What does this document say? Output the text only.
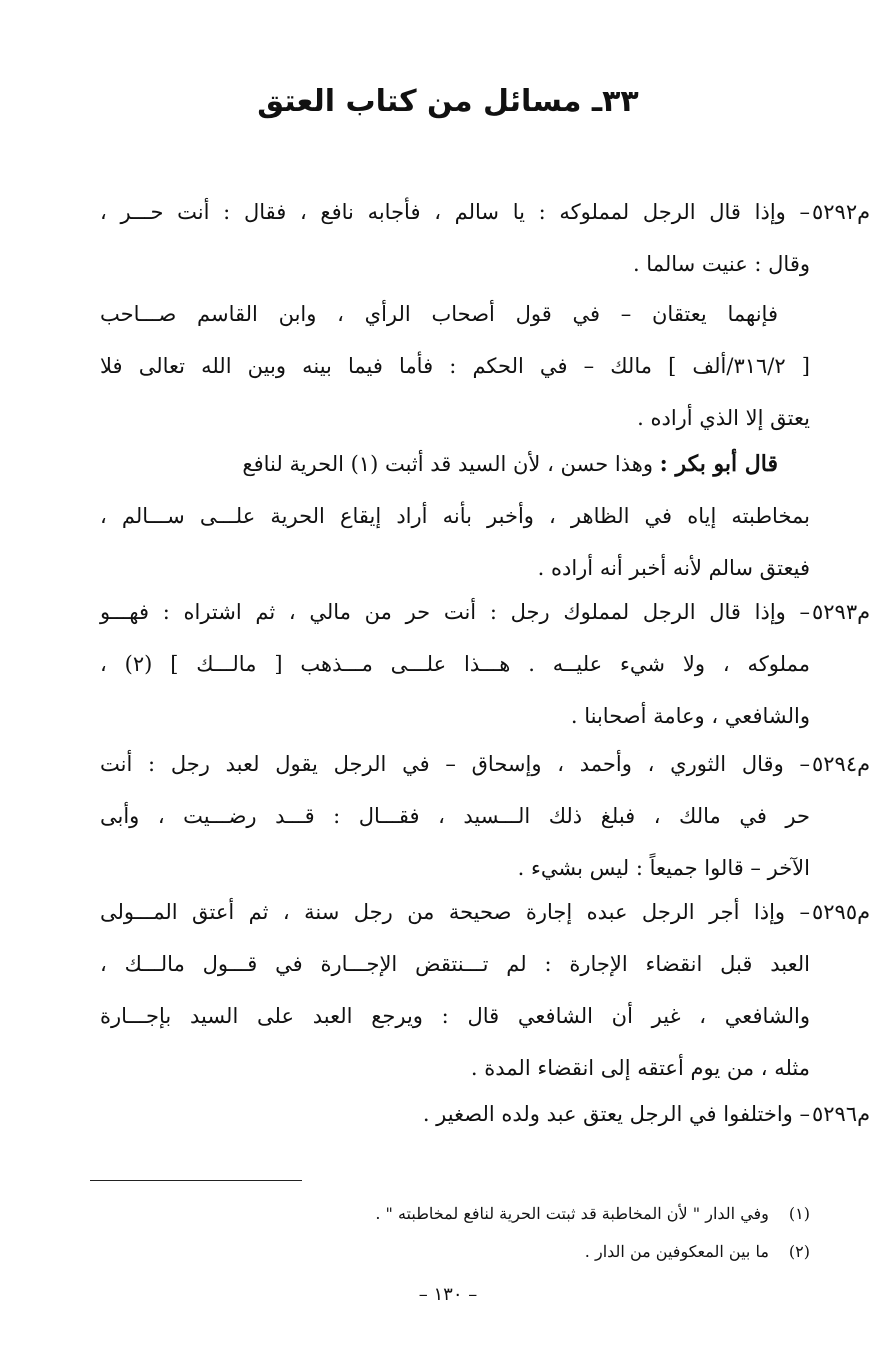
٣٣ـ مسائل من كتاب العتق
م٥٢٩٢
– وإذا قال الرجل لمملوكه : يا سالم ، فأجابه نافع ، فقال : أنت حـــر ،
وقال : عنيت سالما .
فإنهما يعتقان – في قول أصحاب الرأي ، وابن القاسم صـــاحب
[ ٣١٦/٢/ألف ] مالك – في الحكم : فأما فيما بينه وبين الله تعالى فلا
يعتق إلا الذي أراده .
قال أبو بكر : وهذا حسن ، لأن السيد قد أثبت (١) الحرية لنافع
بمخاطبته إياه في الظاهر ، وأخبر بأنه أراد إيقاع الحرية علـــى ســـالم ،
فيعتق سالم لأنه أخبر أنه أراده .
م٥٢٩٣
– وإذا قال الرجل لمملوك رجل : أنت حر من مالي ، ثم اشتراه : فهـــو
مملوكه ، ولا شيء عليــه . هـــذا علـــى مـــذهب [ مالـــك ] (٢) ،
والشافعي ، وعامة أصحابنا .
م٥٢٩٤
– وقال الثوري ، وأحمد ، وإسحاق – في الرجل يقول لعبد رجل : أنت
حر في مالك ، فبلغ ذلك الـــسيد ، فقـــال : قـــد رضـــيت ، وأبى
الآخر – قالوا جميعاً : ليس بشيء .
م٥٢٩٥
– وإذا أجر الرجل عبده إجارة صحيحة من رجل سنة ، ثم أعتق المـــولى
العبد قبل انقضاء الإجارة : لم تـــنتقض الإجـــارة في قـــول مالـــك ،
والشافعي ، غير أن الشافعي قال : ويرجع العبد على السيد بإجـــارة
مثله ، من يوم أعتقه إلى انقضاء المدة .
م٥٢٩٦
– واختلفوا في الرجل يعتق عبد ولده الصغير .
(١) وفي الدار " لأن المخاطبة قد ثبتت الحرية لنافع لمخاطبته " .
(٢) ما بين المعكوفين من الدار .
– ١٣٠ –
